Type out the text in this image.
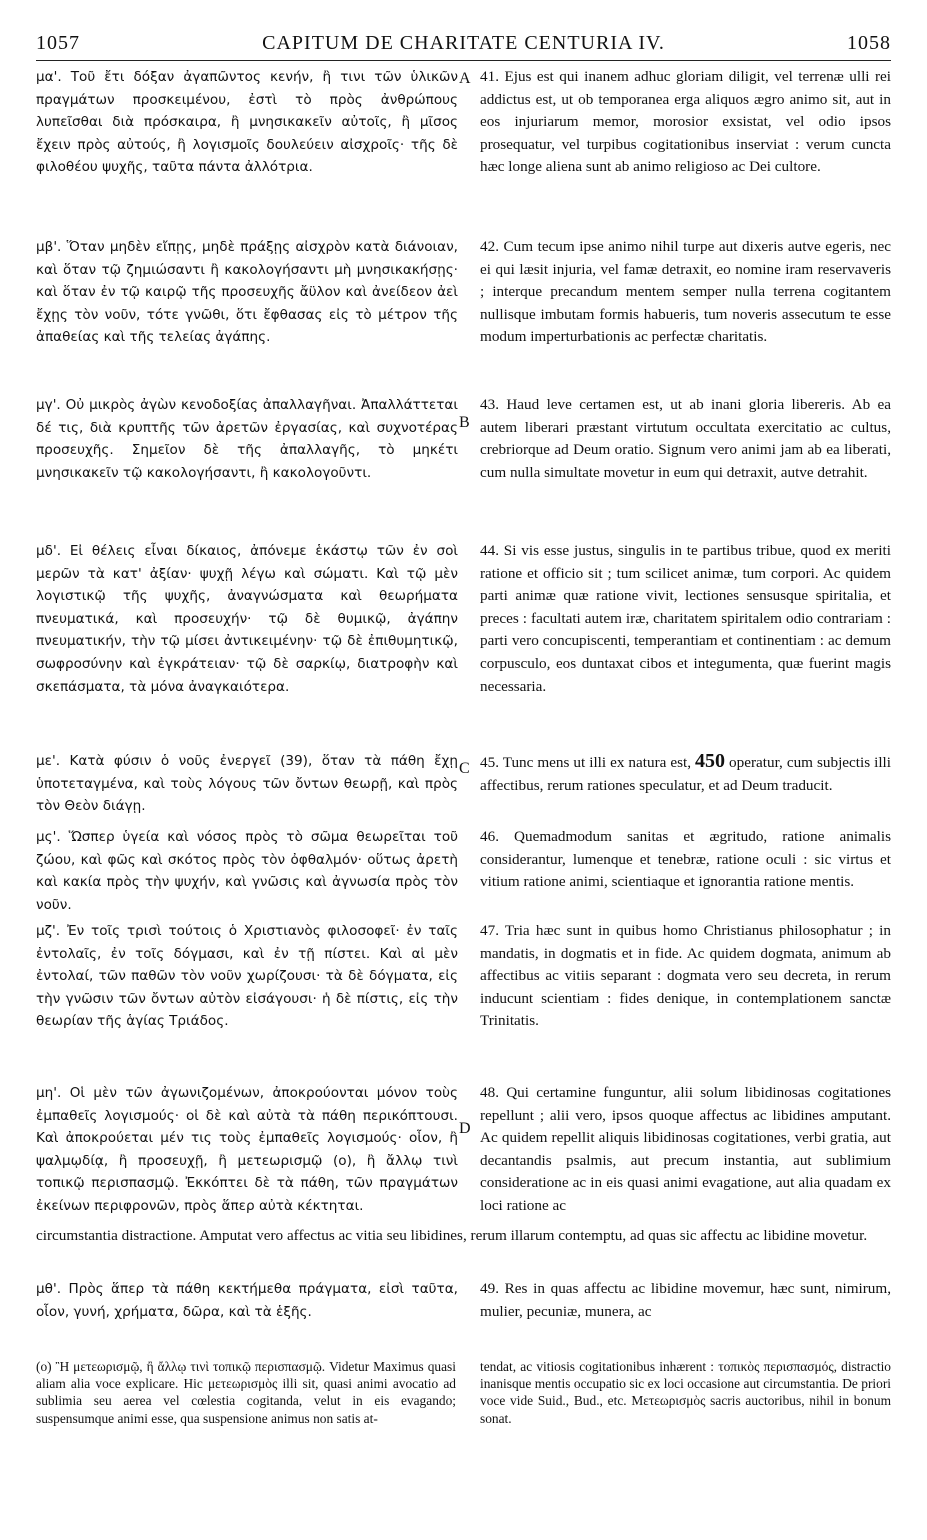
1057	CAPITUM DE CHARITATE CENTURIA IV.	1058
μα'. Τοῦ ἔτι δόξαν ἀγαπῶντος κενήν, ἢ τινι τῶν ὑλικῶν πραγμάτων προσκειμένου, ἐστὶ τὸ πρὸς ἀνθρώπους λυπεῖσθαι διὰ πρόσκαιρα, ἢ μνησικακεῖν αὐτοῖς, ἢ μῖσος ἔχειν πρὸς αὐτούς, ἢ λογισμοῖς δουλεύειν αἰσχροῖς· τῆς δὲ φιλοθέου ψυχῆς, ταῦτα πάντα ἀλλότρια.
μβ'. Ὅταν μηδὲν εἴπῃς, μηδὲ πράξῃς αἰσχρὸν κατὰ διάνοιαν, καὶ ὅταν τῷ ζημιώσαντι ἢ κακολογήσαντι μὴ μνησικακήσῃς· καὶ ὅταν ἐν τῷ καιρῷ τῆς προσευχῆς ἄϋλον καὶ ἀνείδεον ἀεὶ ἔχῃς τὸν νοῦν, τότε γνῶθι, ὅτι ἔφθασας εἰς τὸ μέτρον τῆς ἀπαθείας καὶ τῆς τελείας ἀγάπης.
μγ'. Οὐ μικρὸς ἀγὼν κενοδοξίας ἀπαλλαγῆναι. Ἀπαλλάττεται δέ τις, διὰ κρυπτῆς τῶν ἀρετῶν ἐργασίας, καὶ συχνοτέρας προσευχῆς. Σημεῖον δὲ τῆς ἀπαλλαγῆς, τὸ μηκέτι μνησικακεῖν τῷ κακολογήσαντι, ἢ κακολογοῦντι.
μδ'. Εἰ θέλεις εἶναι δίκαιος, ἀπόνεμε ἑκάστῳ τῶν ἐν σοὶ μερῶν τὰ κατ' ἀξίαν· ψυχῇ λέγω καὶ σώματι. Καὶ τῷ μὲν λογιστικῷ τῆς ψυχῆς, ἀναγνώσματα καὶ θεωρήματα πνευματικά, καὶ προσευχήν· τῷ δὲ θυμικῷ, ἀγάπην πνευματικήν, τὴν τῷ μίσει ἀντικειμένην· τῷ δὲ ἐπιθυμητικῷ, σωφροσύνην καὶ ἐγκράτειαν· τῷ δὲ σαρκίῳ, διατροφὴν καὶ σκεπάσματα, τὰ μόνα ἀναγκαιότερα.
με'. Κατὰ φύσιν ὁ νοῦς ἐνεργεῖ (39), ὅταν τὰ πάθη ἔχῃ ὑποτεταγμένα, καὶ τοὺς λόγους τῶν ὄντων θεωρῇ, καὶ πρὸς τὸν Θεὸν διάγῃ.
μς'. Ὥσπερ ὑγεία καὶ νόσος πρὸς τὸ σῶμα θεωρεῖται τοῦ ζώου, καὶ φῶς καὶ σκότος πρὸς τὸν ὀφθαλμόν· οὕτως ἀρετὴ καὶ κακία πρὸς τὴν ψυχήν, καὶ γνῶσις καὶ ἀγνωσία πρὸς τὸν νοῦν.
μζ'. Ἐν τοῖς τρισὶ τούτοις ὁ Χριστιανὸς φιλοσοφεῖ· ἐν ταῖς ἐντολαῖς, ἐν τοῖς δόγμασι, καὶ ἐν τῇ πίστει. Καὶ αἱ μὲν ἐντολαί, τῶν παθῶν τὸν νοῦν χωρίζουσι· τὰ δὲ δόγματα, εἰς τὴν γνῶσιν τῶν ὄντων αὐτὸν εἰσάγουσι· ἡ δὲ πίστις, εἰς τὴν θεωρίαν τῆς ἁγίας Τριάδος.
μη'. Οἱ μὲν τῶν ἀγωνιζομένων, ἀποκρούονται μόνον τοὺς ἐμπαθεῖς λογισμούς· οἱ δὲ καὶ αὐτὰ τὰ πάθη περικόπτουσι. Καὶ ἀποκρούεται μέν τις τοὺς ἐμπαθεῖς λογισμούς· οἷον, ἢ ψαλμῳδίᾳ, ἢ προσευχῇ, ἢ μετεωρισμῷ (ο), ἢ ἄλλῳ τινὶ τοπικῷ περισπασμῷ. Ἐκκόπτει δὲ τὰ πάθη, τῶν πραγμάτων ἐκείνων περιφρονῶν, πρὸς ἅπερ αὐτὰ κέκτηται.
41. Ejus est qui inanem adhuc gloriam diligit, vel terrenæ ulli rei addictus est, ut ob temporanea erga aliquos ægro animo sit, aut in eos injuriarum memor, morosior exsistat, vel odio ipsos prosequatur, vel turpibus cogitationibus inserviat : verum cuncta hæc longe aliena sunt ab animo religioso ac Dei cultore.
42. Cum tecum ipse animo nihil turpe aut dixeris autve egeris, nec ei qui læsit injuria, vel famæ detraxit, eo nomine iram reservaveris ; interque precandum mentem semper nulla terrena cogitantem nullisque imbutam formis habueris, tum noveris assecutum te esse modum imperturbationis ac perfectæ charitatis.
43. Haud leve certamen est, ut ab inani gloria libereris. Ab ea autem liberari præstant virtutum occultata exercitatio ac cultus, crebriorque ad Deum oratio. Signum vero animi jam ab ea liberati, cum nulla simultate movetur in eum qui detraxit, autve detrahit.
44. Si vis esse justus, singulis in te partibus tribue, quod ex meriti ratione et officio sit ; tum scilicet animæ, tum corpori. Ac quidem parti animæ quæ ratione vivit, lectiones sensusque spiritalia, et preces : facultati autem iræ, charitatem spiritalem odio contrariam : parti vero concupiscenti, temperantiam et continentiam : ac demum corpusculo, eos duntaxat cibos et integumenta, quæ fuerint magis necessaria.
45. Tunc mens ut illi ex natura est, 450 operatur, cum subjectis illi affectibus, rerum rationes speculatur, et ad Deum traducit.
46. Quemadmodum sanitas et ægritudo, ratione animalis considerantur, lumenque et tenebræ, ratione oculi : sic virtus et vitium ratione animi, scientiaque et ignorantia ratione mentis.
47. Tria hæc sunt in quibus homo Christianus philosophatur ; in mandatis, in dogmatis et in fide. Ac quidem dogmata, animum ab affectibus ac vitiis separant : dogmata vero seu decreta, in rerum inducunt scientiam : fides denique, in contemplationem sanctæ Trinitatis.
48. Qui certamine funguntur, alii solum libidinosas cogitationes repellunt ; alii vero, ipsos quoque affectus ac libidines amputant. Ac quidem repellit aliquis libidinosas cogitationes, verbi gratia, aut decantandis psalmis, aut precum instantia, aut sublimium consideratione ac in eis quasi animi evagatione, aut alia quadam ex loci ratione ac
A
B
C
D
circumstantia distractione. Amputat vero affectus ac vitia seu libidines, rerum illarum contemptu, ad quas sic affectu ac libidine movetur.
μθ'. Πρὸς ἅπερ τὰ πάθη κεκτήμεθα πράγματα, εἰσὶ ταῦτα, οἷον, γυνή, χρήματα, δῶρα, καὶ τὰ ἑξῆς.
49. Res in quas affectu ac libidine movemur, hæc sunt, nimirum, mulier, pecuniæ, munera, ac
(o) Ἢ μετεωρισμῷ, ἢ ἄλλῳ τινὶ τοπικῷ περισπασμῷ. Videtur Maximus quasi aliam alia voce explicare. Hic μετεωρισμὸς illi sit, quasi animi avocatio ad sublimia seu aerea vel cœlestia cogitanda, velut in eis evagando; suspensumque animi esse, qua suspensione animus non satis at-
tendat, ac vitiosis cogitationibus inhærent : τοπικὸς περισπασμός, distractio inanisque mentis occupatio sic ex loci occasione aut circumstantia. De priori voce vide Suid., Bud., etc. Μετεωρισμὸς sacris auctoribus, nihil in bonum sonat.
